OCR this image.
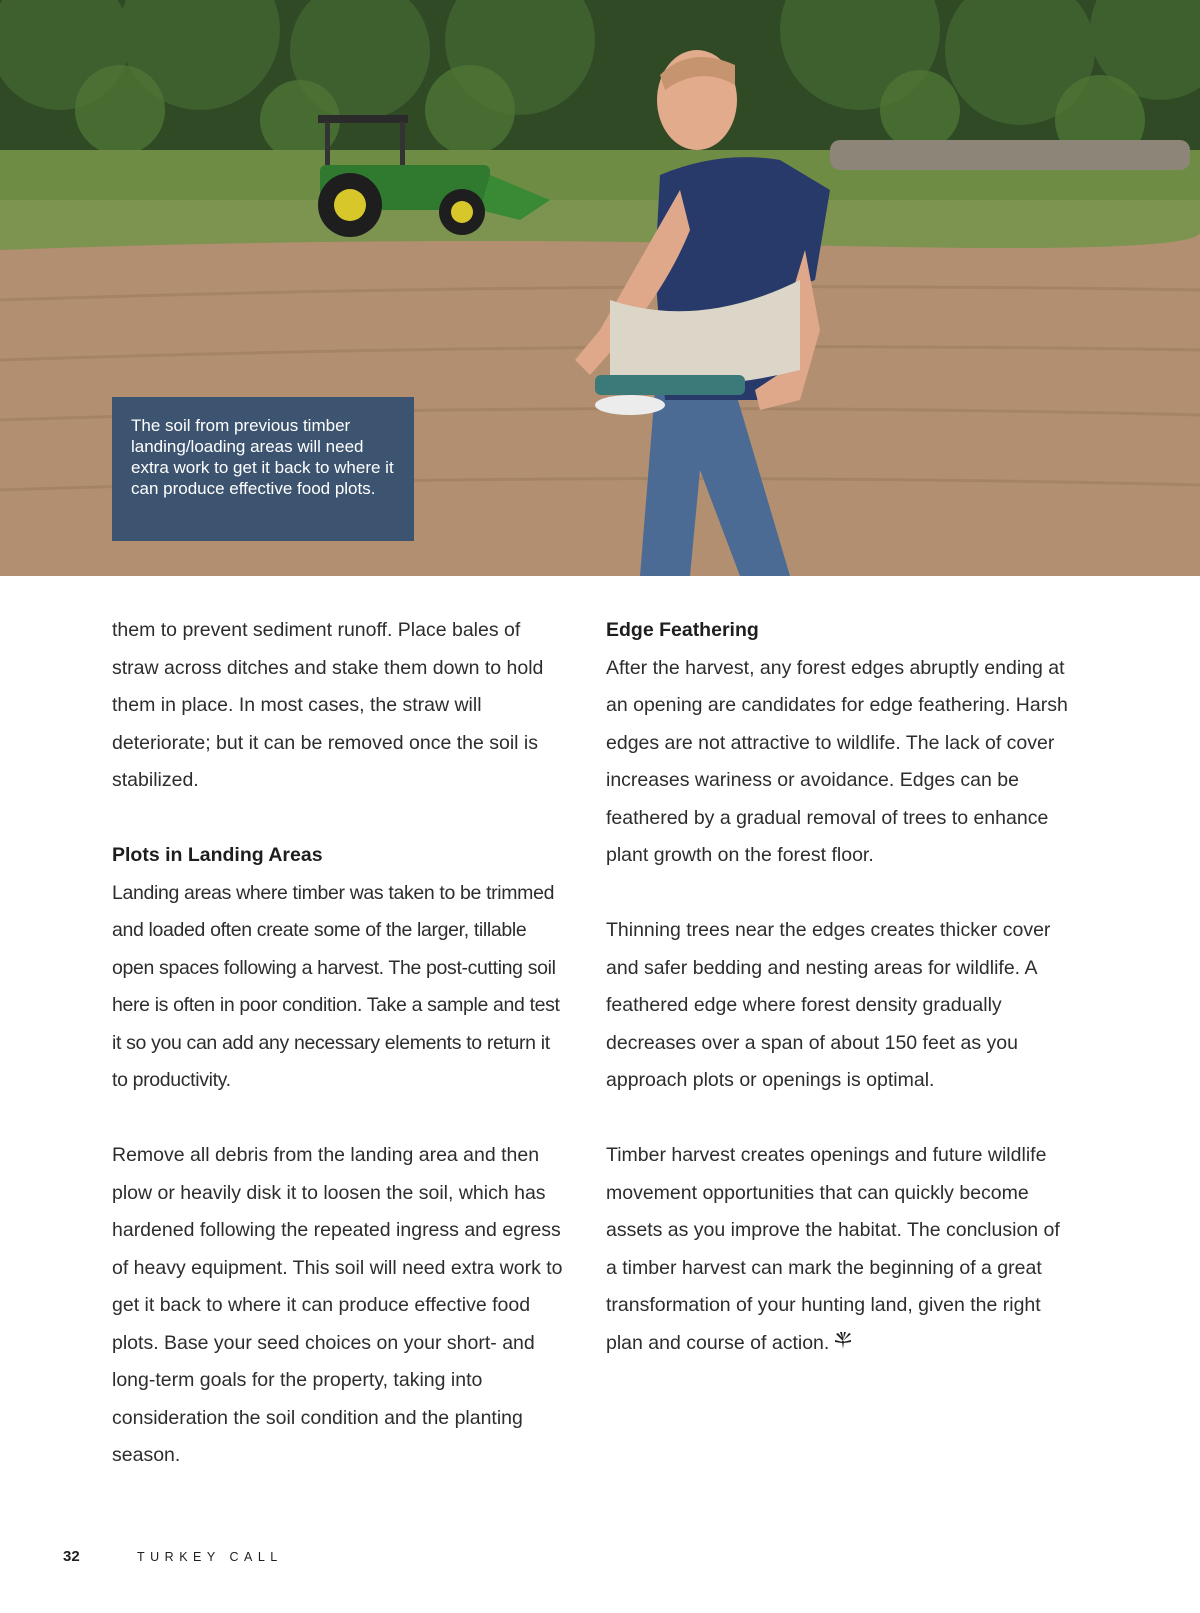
The soil from previous timber landing/loading areas will need extra work to get it back to where it can produce effective food plots.

them to prevent sediment runoff. Place bales of straw across ditches and stake them down to hold them in place. In most cases, the straw will deteriorate; but it can be removed once the soil is stabilized.

Plots in Landing Areas

Landing areas where timber was taken to be trimmed and loaded often create some of the larger, tillable open spaces following a harvest. The post-cutting soil here is often in poor condition. Take a sample and test it so you can add any necessary elements to return it to productivity.

Remove all debris from the landing area and then plow or heavily disk it to loosen the soil, which has hardened following the repeated ingress and egress of heavy equipment. This soil will need extra work to get it back to where it can produce effective food plots. Base your seed choices on your short- and long-term goals for the property, taking into consideration the soil condition and the planting season.

Edge Feathering

After the harvest, any forest edges abruptly ending at an opening are candidates for edge feathering. Harsh edges are not attractive to wildlife. The lack of cover increases wariness or avoidance. Edges can be feathered by a gradual removal of trees to enhance plant growth on the forest floor.

Thinning trees near the edges creates thicker cover and safer bedding and nesting areas for wildlife. A feathered edge where forest density gradually decreases over a span of about 150 feet as you approach plots or openings is optimal.

Timber harvest creates openings and future wildlife movement opportunities that can quickly become assets as you improve the habitat. The conclusion of a timber harvest can mark the beginning of a great transformation of your hunting land, given the right plan and course of action.

32	TURKEY CALL
